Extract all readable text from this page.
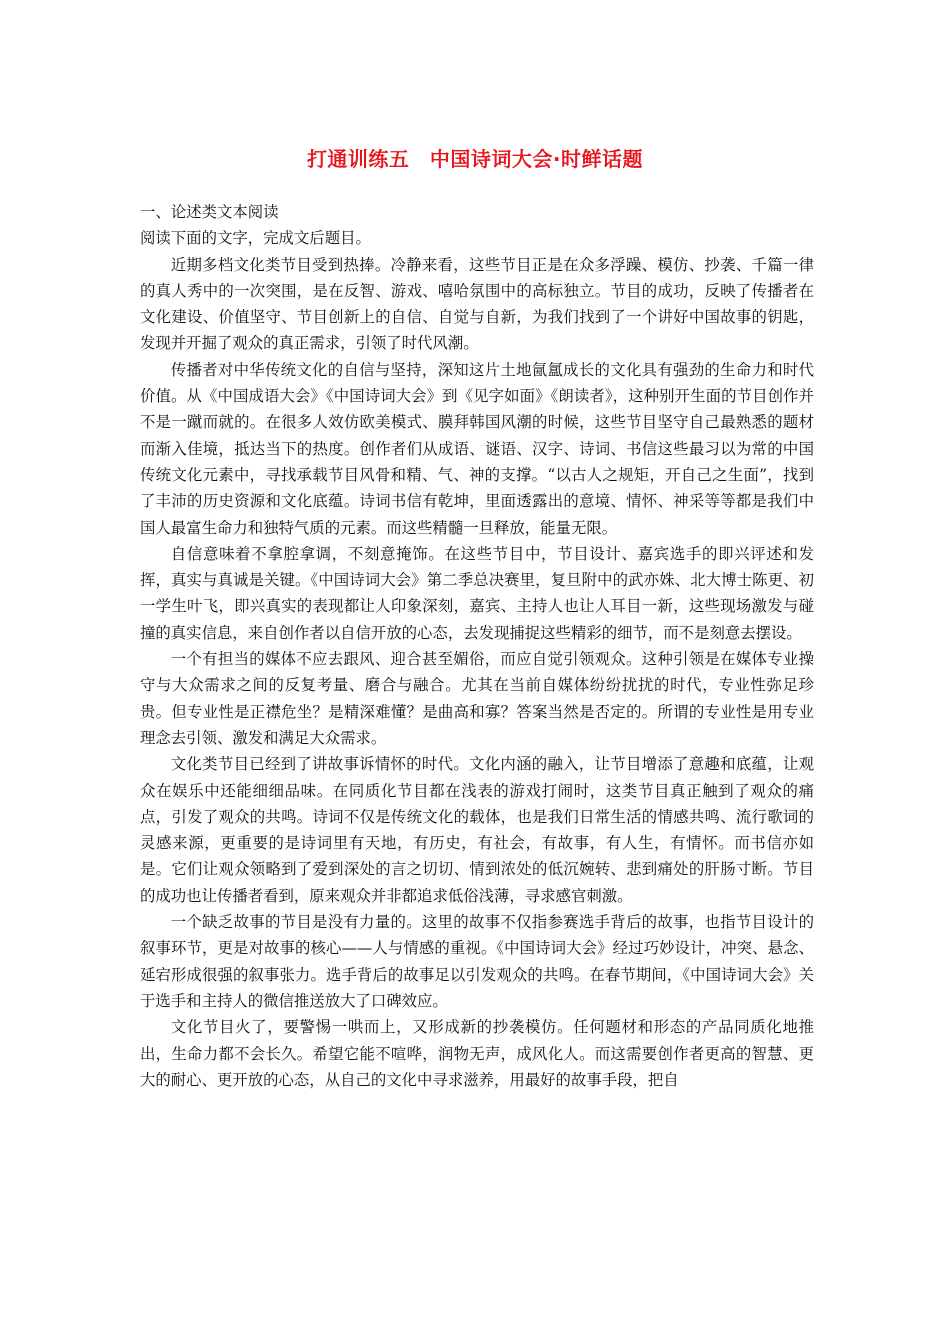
打通训练五　中国诗词大会·时鲜话题

一、论述类文本阅读

阅读下面的文字，完成文后题目。

近期多档文化类节目受到热捧。冷静来看，这些节目正是在众多浮躁、模仿、抄袭、千篇一律的真人秀中的一次突围，是在反智、游戏、嘻哈氛围中的高标独立。节目的成功，反映了传播者在文化建设、价值坚守、节目创新上的自信、自觉与自新，为我们找到了一个讲好中国故事的钥匙，发现并开掘了观众的真正需求，引领了时代风潮。

传播者对中华传统文化的自信与坚持，深知这片土地氤氲成长的文化具有强劲的生命力和时代价值。从《中国成语大会》《中国诗词大会》到《见字如面》《朗读者》，这种别开生面的节目创作并不是一蹴而就的。在很多人效仿欧美模式、膜拜韩国风潮的时候，这些节目坚守自己最熟悉的题材而渐入佳境，抵达当下的热度。创作者们从成语、谜语、汉字、诗词、书信这些最习以为常的中国传统文化元素中，寻找承载节目风骨和精、气、神的支撑。“以古人之规矩，开自己之生面”，找到了丰沛的历史资源和文化底蕴。诗词书信有乾坤，里面透露出的意境、情怀、神采等等都是我们中国人最富生命力和独特气质的元素。而这些精髓一旦释放，能量无限。

自信意味着不拿腔拿调，不刻意掩饰。在这些节目中，节目设计、嘉宾选手的即兴评述和发挥，真实与真诚是关键。《中国诗词大会》第二季总决赛里，复旦附中的武亦姝、北大博士陈更、初一学生叶飞，即兴真实的表现都让人印象深刻，嘉宾、主持人也让人耳目一新，这些现场激发与碰撞的真实信息，来自创作者以自信开放的心态，去发现捕捉这些精彩的细节，而不是刻意去摆设。

一个有担当的媒体不应去跟风、迎合甚至媚俗，而应自觉引领观众。这种引领是在媒体专业操守与大众需求之间的反复考量、磨合与融合。尤其在当前自媒体纷纷扰扰的时代，专业性弥足珍贵。但专业性是正襟危坐？是精深难懂？是曲高和寡？答案当然是否定的。所谓的专业性是用专业理念去引领、激发和满足大众需求。

文化类节目已经到了讲故事诉情怀的时代。文化内涵的融入，让节目增添了意趣和底蕴，让观众在娱乐中还能细细品味。在同质化节目都在浅表的游戏打闹时，这类节目真正触到了观众的痛点，引发了观众的共鸣。诗词不仅是传统文化的载体，也是我们日常生活的情感共鸣、流行歌词的灵感来源，更重要的是诗词里有天地，有历史，有社会，有故事，有人生，有情怀。而书信亦如是。它们让观众领略到了爱到深处的言之切切、情到浓处的低沉婉转、悲到痛处的肝肠寸断。节目的成功也让传播者看到，原来观众并非都追求低俗浅薄，寻求感官刺激。

一个缺乏故事的节目是没有力量的。这里的故事不仅指参赛选手背后的故事，也指节目设计的叙事环节，更是对故事的核心——人与情感的重视。《中国诗词大会》经过巧妙设计，冲突、悬念、延宕形成很强的叙事张力。选手背后的故事足以引发观众的共鸣。在春节期间，《中国诗词大会》关于选手和主持人的微信推送放大了口碑效应。

文化节目火了，要警惕一哄而上，又形成新的抄袭模仿。任何题材和形态的产品同质化地推出，生命力都不会长久。希望它能不喧哗，润物无声，成风化人。而这需要创作者更高的智慧、更大的耐心、更开放的心态，从自己的文化中寻求滋养，用最好的故事手段，把自
